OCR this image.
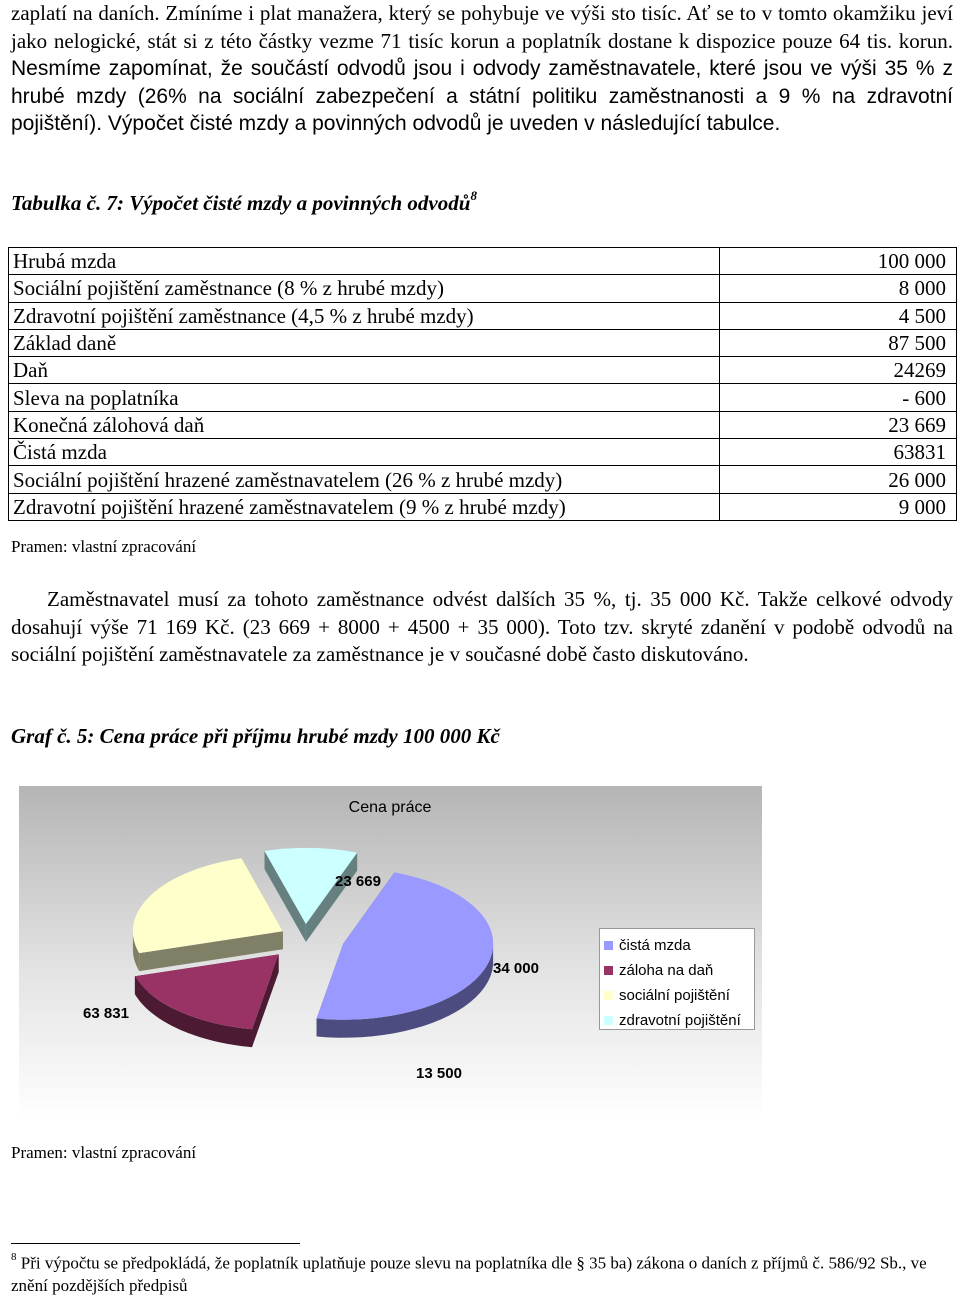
zaplatí na daních. Zmíníme i plat manažera, který se pohybuje ve výši sto tisíc. Ať se to v tomto okamžiku jeví jako nelogické, stát si z této částky vezme 71 tisíc korun a poplatník dostane k dispozice pouze 64 tis. korun. Nesmíme zapomínat, že součástí odvodů jsou i odvody zaměstnavatele, které jsou ve výši 35 % z hrubé mzdy (26% na sociální zabezpečení a státní politiku zaměstnanosti a 9 % na zdravotní pojištění). Výpočet čisté mzdy a povinných odvodů je uveden v následující tabulce.

Tabulka č. 7: Výpočet čisté mzdy a povinných odvodů$^8$

Hrubá mzda	100 000
Sociální pojištění zaměstnance (8 % z hrubé mzdy)	8 000
Zdravotní pojištění zaměstnance (4,5 % z hrubé mzdy)	4 500
Základ daně	87 500
Daň	24269
Sleva na poplatníka	- 600
Konečná zálohová daň	23 669
Čistá mzda	63831
Sociální pojištění hrazené zaměstnavatelem (26 % z hrubé mzdy)	26 000
Zdravotní pojištění hrazené zaměstnavatelem (9 % z hrubé mzdy)	9 000

Pramen: vlastní zpracování

Zaměstnavatel musí za tohoto zaměstnance odvést dalších 35 %, tj. 35 000 Kč. Takže celkové odvody dosahují výše 71 169 Kč. (23 669 + 8000 + 4500 + 35 000). Toto tzv. skryté zdanění v podobě odvodů na sociální pojištění zaměstnavatele za zaměstnance je v současné době často diskutováno.

Graf č. 5: Cena práce při příjmu hrubé mzdy 100 000 Kč

Cena práce
63 831
23 669
34 000
13 500
čistá mzda
záloha na daň
sociální pojištění
zdravotní pojištění

Pramen: vlastní zpracování

$^8$ Při výpočtu se předpokládá, že poplatník uplatňuje pouze slevu na poplatníka dle § 35 ba) zákona o daních z příjmů č. 586/92 Sb., ve znění pozdějších předpisů
